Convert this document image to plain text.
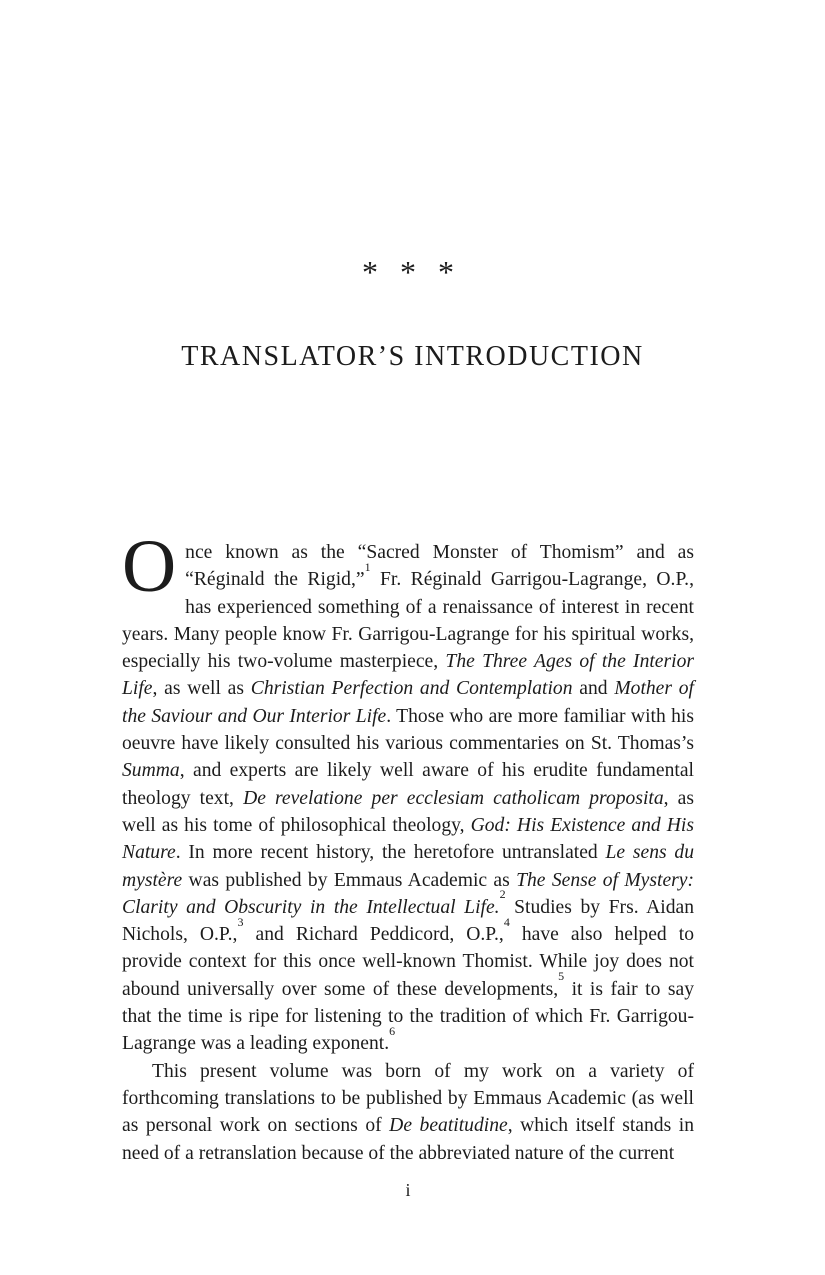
* * *
TRANSLATOR’S INTRODUCTION

Once known as the “Sacred Monster of Thomism” and as “Réginald the Rigid,”$^1$ Fr. Réginald Garrigou-Lagrange, O.P., has experienced something of a renaissance of interest in recent years. Many people know Fr. Garrigou-Lagrange for his spiritual works, especially his two-volume masterpiece, The Three Ages of the Interior Life, as well as Christian Perfection and Contemplation and Mother of the Saviour and Our Interior Life. Those who are more familiar with his oeuvre have likely consulted his various commentaries on St. Thomas’s Summa, and experts are likely well aware of his erudite fundamental theology text, De revelatione per ecclesiam catholicam proposita, as well as his tome of philosophical theology, God: His Existence and His Nature. In more recent history, the heretofore untranslated Le sens du mystère was published by Emmaus Academic as The Sense of Mystery: Clarity and Obscurity in the Intellectual Life.$^2$ Studies by Frs. Aidan Nichols, O.P.,$^3$ and Richard Peddicord, O.P.,$^4$ have also helped to provide context for this once well-known Thomist. While joy does not abound universally over some of these developments,$^5$ it is fair to say that the time is ripe for listening to the tradition of which Fr. Garrigou-Lagrange was a leading exponent.$^6$

This present volume was born of my work on a variety of forthcoming translations to be published by Emmaus Academic (as well as personal work on sections of De beatitudine, which itself stands in need of a retranslation because of the abbreviated nature of the current

i
